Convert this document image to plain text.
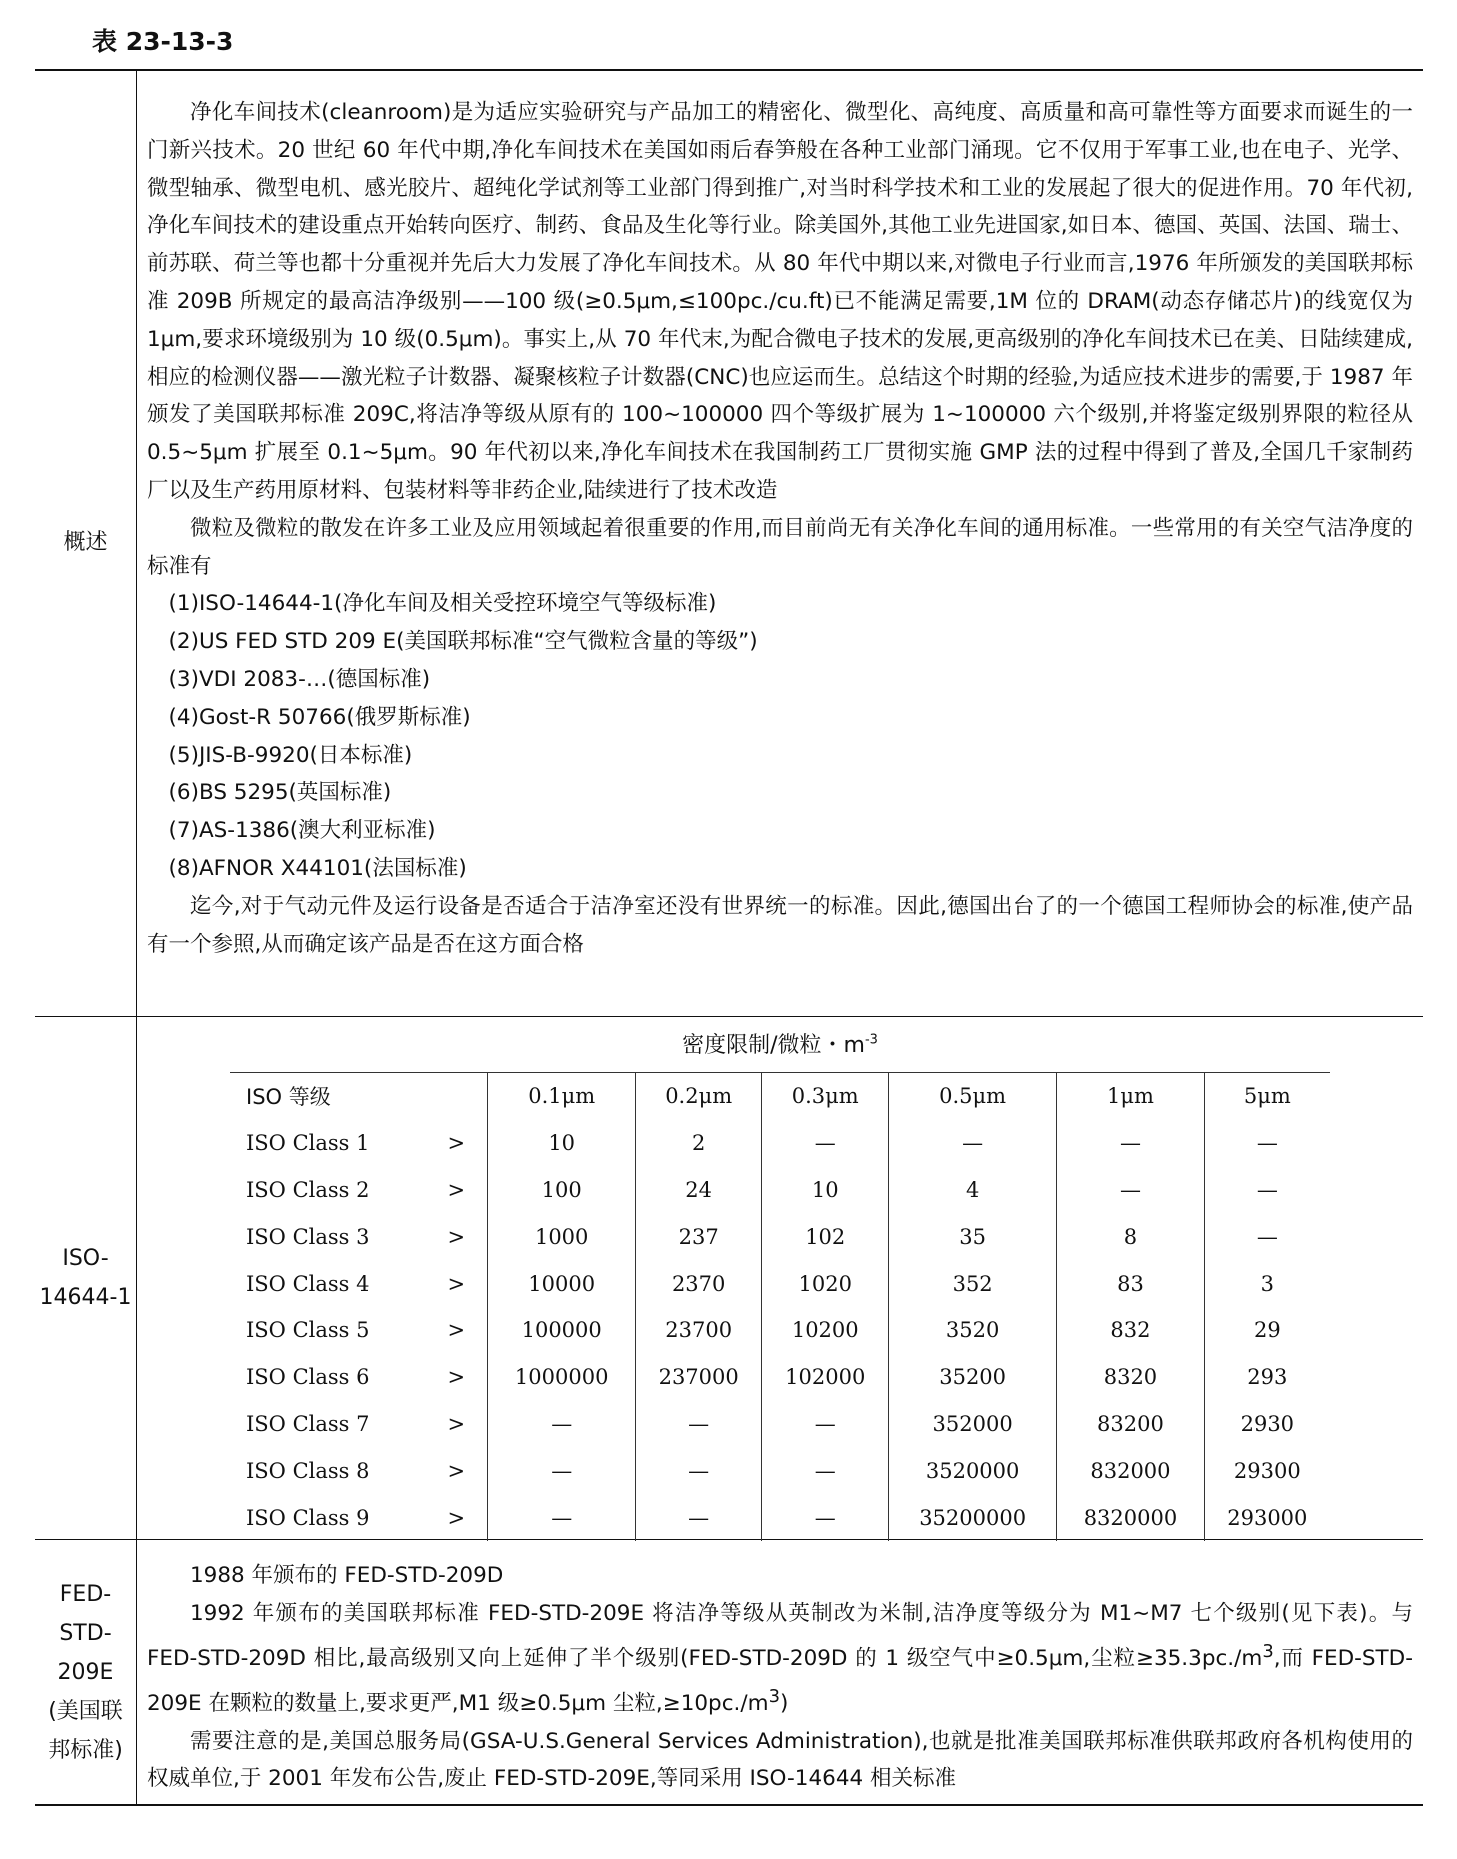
表 23-13-3
概述

净化车间技术(cleanroom)是为适应实验研究与产品加工的精密化、微型化、高纯度、高质量和高可靠性等方面要求而诞生的一门新兴技术。20 世纪 60 年代中期,净化车间技术在美国如雨后春笋般在各种工业部门涌现。它不仅用于军事工业,也在电子、光学、微型轴承、微型电机、感光胶片、超纯化学试剂等工业部门得到推广,对当时科学技术和工业的发展起了很大的促进作用。70 年代初,净化车间技术的建设重点开始转向医疗、制药、食品及生化等行业。除美国外,其他工业先进国家,如日本、德国、英国、法国、瑞士、前苏联、荷兰等也都十分重视并先后大力发展了净化车间技术。从 80 年代中期以来,对微电子行业而言,1976 年所颁发的美国联邦标准 209B 所规定的最高洁净级别——100 级(≥0.5μm,≤100pc./cu.ft)已不能满足需要,1M 位的 DRAM(动态存储芯片)的线宽仅为 1μm,要求环境级别为 10 级(0.5μm)。事实上,从 70 年代末,为配合微电子技术的发展,更高级别的净化车间技术已在美、日陆续建成,相应的检测仪器——激光粒子计数器、凝聚核粒子计数器(CNC)也应运而生。总结这个时期的经验,为适应技术进步的需要,于 1987 年颁发了美国联邦标准 209C,将洁净等级从原有的 100~100000 四个等级扩展为 1~100000 六个级别,并将鉴定级别界限的粒径从 0.5~5μm 扩展至 0.1~5μm。90 年代初以来,净化车间技术在我国制药工厂贯彻实施 GMP 法的过程中得到了普及,全国几千家制药厂以及生产药用原材料、包装材料等非药企业,陆续进行了技术改造

微粒及微粒的散发在许多工业及应用领域起着很重要的作用,而目前尚无有关净化车间的通用标准。一些常用的有关空气洁净度的标准有

(1)ISO-14644-1(净化车间及相关受控环境空气等级标准)

(2)US FED STD 209 E(美国联邦标准“空气微粒含量的等级”)

(3)VDI 2083-…(德国标准)

(4)Gost-R 50766(俄罗斯标准)

(5)JIS-B-9920(日本标准)

(6)BS 5295(英国标准)

(7)AS-1386(澳大利亚标准)

(8)AFNOR X44101(法国标准)

迄今,对于气动元件及运行设备是否适合于洁净室还没有世界统一的标准。因此,德国出台了的一个德国工程师协会的标准,使产品有一个参照,从而确定该产品是否在这方面合格

ISO-
14644-1
密度限制/微粒・$m^{-3}$
ISO 等级		0.1μm	0.2μm	0.3μm	0.5μm	1μm	5μm
ISO Class 1	>	10	2	—	—	—	—
ISO Class 2	>	100	24	10	4	—	—
ISO Class 3	>	1000	237	102	35	8	—
ISO Class 4	>	10000	2370	1020	352	83	3
ISO Class 5	>	100000	23700	10200	3520	832	29
ISO Class 6	>	1000000	237000	102000	35200	8320	293
ISO Class 7	>	—	—	—	352000	83200	2930
ISO Class 8	>	—	—	—	3520000	832000	29300
ISO Class 9	>	—	—	—	35200000	8320000	293000
FED-STD-
209E
(美国联
邦标准)

1988 年颁布的 FED-STD-209D

1992 年颁布的美国联邦标准 FED-STD-209E 将洁净等级从英制改为米制,洁净度等级分为 M1~M7 七个级别(见下表)。与 FED-STD-209D 相比,最高级别又向上延伸了半个级别(FED-STD-209D 的 1 级空气中≥0.5μm,尘粒$\ge 35.3pc./m^3$,而 FED-STD-209E 在颗粒的数量上,要求更严,M1 级≥0.5μm 尘粒$,\ge 10pc./m^3$)

需要注意的是,美国总服务局(GSA-U.S.General Services Administration),也就是批准美国联邦标准供联邦政府各机构使用的权威单位,于 2001 年发布公告,废止 FED-STD-209E,等同采用 ISO-14644 相关标准
